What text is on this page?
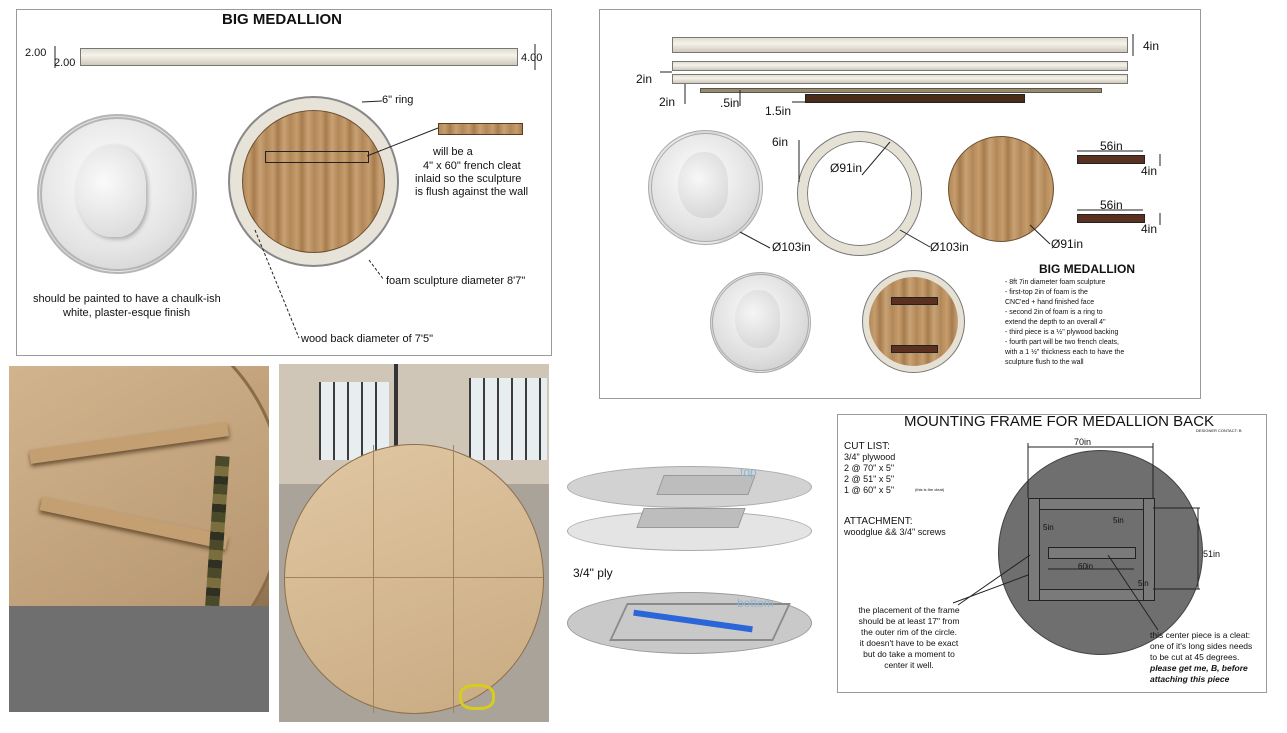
BIG MEDALLION
2.00
2.00	4.00
6" ring
will be a
4" x 60" french cleat
inlaid so the sculpture
is flush against the wall
should be painted to have a chaulk-ish
white, plaster-esque finish
foam sculpture diameter 8'7"
wood back diameter of 7'5"
4in
2in
2in	.5in
1.5in
6in
Ø91in
Ø103in	Ø103in	Ø91in
56in
4in
56in
4in
BIG MEDALLION
- 8ft 7in diameter foam sculpture
- first-top 2in of foam is the
CNC'ed + hand finished face
- second 2in of foam is a ring to
extend the depth to an overall 4"
- third piece is a ½" plywood backing
- fourth part will be two french cleats,
with a 1 ½" thickness each to have the
sculpture flush to the wall
top
3/4" ply
bottom
MOUNTING FRAME FOR MEDALLION BACK
DESIGNER CONTACT: B
CUT LIST:
3/4" plywood
2 @ 70" x 5"
2 @ 51" x 5"
1 @ 60" x 5"	(this is the cleat)
ATTACHMENT:
woodglue && 3/4" screws
70in
5in
5in
51in
60in
5in
the placement of the frame
should be at least 17" from
the outer rim of the circle.
it doesn't have to be exact
but do take a moment to
center it well.
this center piece is a cleat:
one of it's long sides needs
to be cut at 45 degrees.
please get me, B, before
attaching this piece
